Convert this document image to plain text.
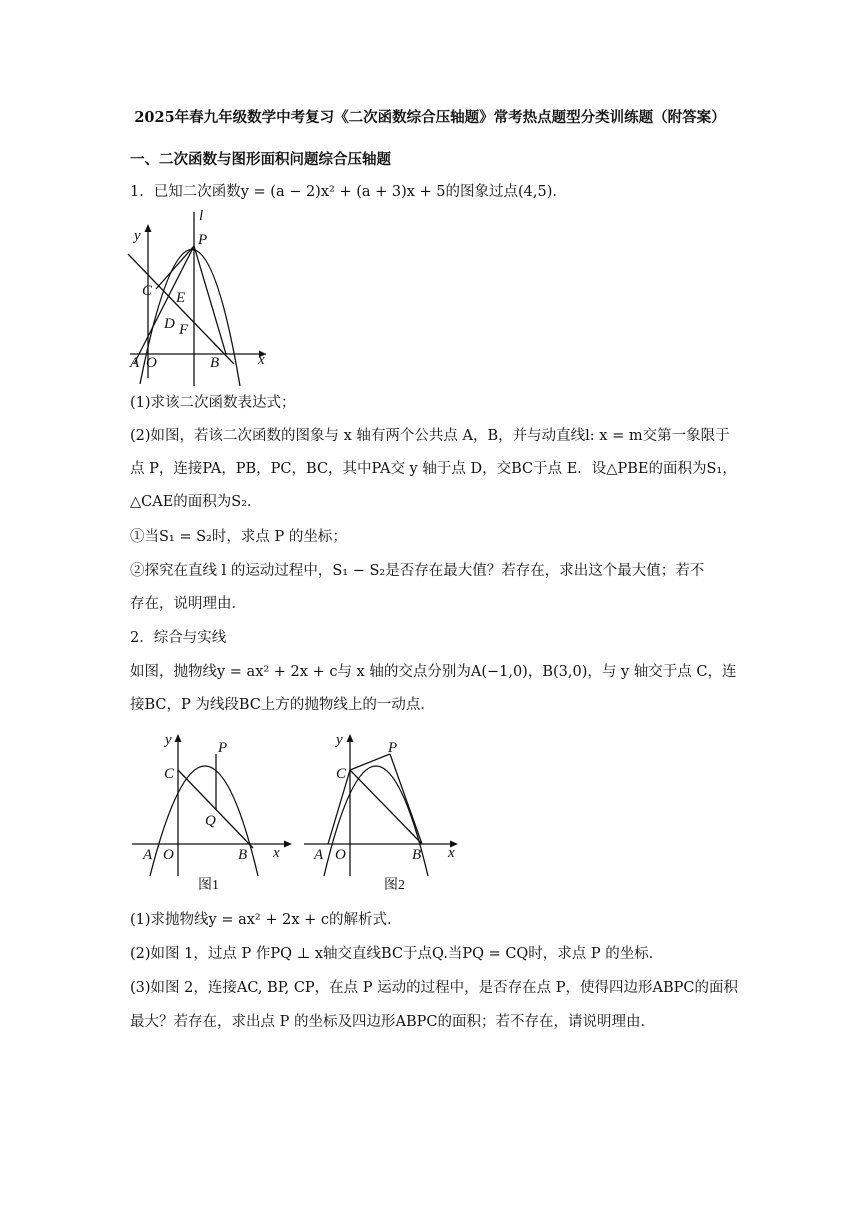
2025年春九年级数学中考复习《二次函数综合压轴题》常考热点题型分类训练题（附答案）
一、二次函数与图形面积问题综合压轴题
1．已知二次函数y = (a − 2)x² + (a + 3)x + 5的图象过点(4,5)．
l
y	P
C E
D F
A O	B	x
(1)求该二次函数表达式；
(2)如图，若该二次函数的图象与 x 轴有两个公共点 A，B，并与动直线l: x = m交第一象限于
点 P，连接PA，PB，PC，BC，其中PA交 y 轴于点 D，交BC于点 E．设△PBE的面积为S₁，
△CAE的面积为S₂．
①当S₁ = S₂时，求点 P 的坐标；
②探究在直线 l 的运动过程中，S₁ − S₂是否存在最大值？若存在，求出这个最大值；若不
存在，说明理由．
2．综合与实线
如图，抛物线y = ax² + 2x + c与 x 轴的交点分别为A(−1,0)，B(3,0)，与 y 轴交于点 C，连
接BC，P 为线段BC上方的抛物线上的一动点．
y	P
C
Q
A O	B x
图1
y	P
C
A O	B x
图2
(1)求抛物线y = ax² + 2x + c的解析式．
(2)如图 1，过点 P 作PQ ⊥ x轴交直线BC于点Q.当PQ = CQ时，求点 P 的坐标．
(3)如图 2，连接AC, BP, CP，在点 P 运动的过程中，是否存在点 P，使得四边形ABPC的面积
最大？若存在，求出点 P 的坐标及四边形ABPC的面积；若不存在，请说明理由．
